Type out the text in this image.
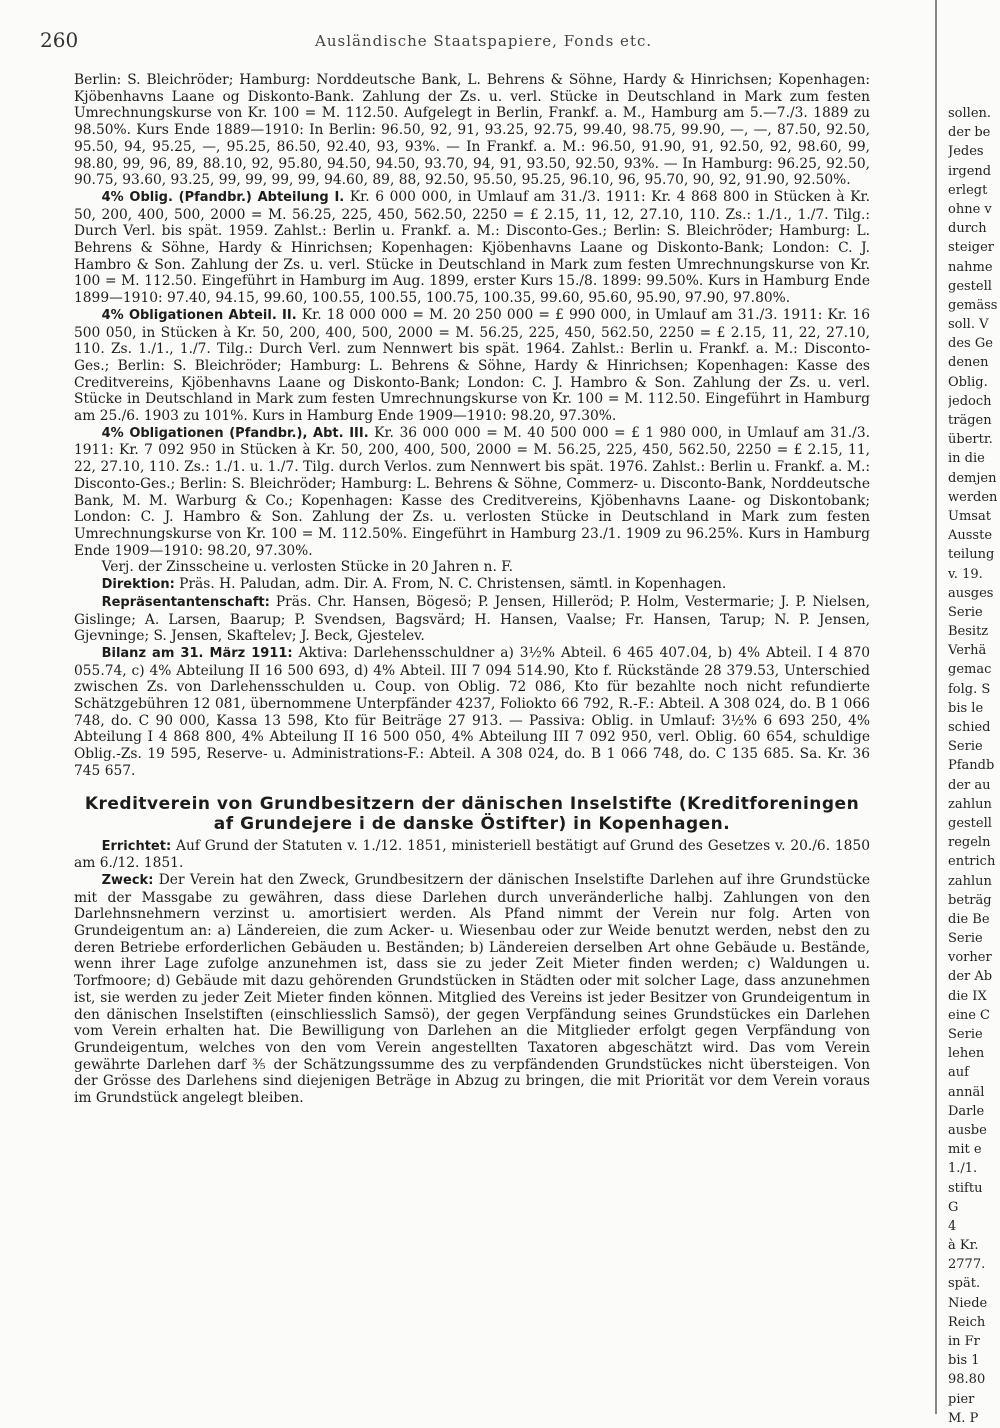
260	Ausländische Staatspapiere, Fonds etc.

Berlin: S. Bleichröder; Hamburg: Norddeutsche Bank, L. Behrens & Söhne, Hardy & Hinrichsen; Kopenhagen: Kjöbenhavns Laane og Diskonto-Bank. Zahlung der Zs. u. verl. Stücke in Deutschland in Mark zum festen Umrechnungskurse von Kr. 100 = M. 112.50. Aufgelegt in Berlin, Frankf. a. M., Hamburg am 5.—7./3. 1889 zu 98.50%. Kurs Ende 1889—1910: In Berlin: 96.50, 92, 91, 93.25, 92.75, 99.40, 98.75, 99.90, —, —, 87.50, 92.50, 95.50, 94, 95.25, —, 95.25, 86.50, 92.40, 93, 93%. — In Frankf. a. M.: 96.50, 91.90, 91, 92.50, 92, 98.60, 99, 98.80, 99, 96, 89, 88.10, 92, 95.80, 94.50, 94.50, 93.70, 94, 91, 93.50, 92.50, 93%. — In Hamburg: 96.25, 92.50, 90.75, 93.60, 93.25, 99, 99, 99, 99, 94.60, 89, 88, 92.50, 95.50, 95.25, 96.10, 96, 95.70, 90, 92, 91.90, 92.50%.

4% Oblig. (Pfandbr.) Abteilung I. Kr. 6 000 000, in Umlauf am 31./3. 1911: Kr. 4 868 800 in Stücken à Kr. 50, 200, 400, 500, 2000 = M. 56.25, 225, 450, 562.50, 2250 = £ 2.15, 11, 12, 27.10, 110. Zs.: 1./1., 1./7. Tilg.: Durch Verl. bis spät. 1959. Zahlst.: Berlin u. Frankf. a. M.: Disconto-Ges.; Berlin: S. Bleichröder; Hamburg: L. Behrens & Söhne, Hardy & Hinrichsen; Kopenhagen: Kjöbenhavns Laane og Diskonto-Bank; London: C. J. Hambro & Son. Zahlung der Zs. u. verl. Stücke in Deutschland in Mark zum festen Umrechnungskurse von Kr. 100 = M. 112.50. Eingeführt in Hamburg im Aug. 1899, erster Kurs 15./8. 1899: 99.50%. Kurs in Hamburg Ende 1899—1910: 97.40, 94.15, 99.60, 100.55, 100.55, 100.75, 100.35, 99.60, 95.60, 95.90, 97.90, 97.80%.

4% Obligationen Abteil. II. Kr. 18 000 000 = M. 20 250 000 = £ 990 000, in Umlauf am 31./3. 1911: Kr. 16 500 050, in Stücken à Kr. 50, 200, 400, 500, 2000 = M. 56.25, 225, 450, 562.50, 2250 = £ 2.15, 11, 22, 27.10, 110. Zs. 1./1., 1./7. Tilg.: Durch Verl. zum Nennwert bis spät. 1964. Zahlst.: Berlin u. Frankf. a. M.: Disconto-Ges.; Berlin: S. Bleichröder; Hamburg: L. Behrens & Söhne, Hardy & Hinrichsen; Kopenhagen: Kasse des Creditvereins, Kjöbenhavns Laane og Diskonto-Bank; London: C. J. Hambro & Son. Zahlung der Zs. u. verl. Stücke in Deutschland in Mark zum festen Umrechnungskurse von Kr. 100 = M. 112.50. Eingeführt in Hamburg am 25./6. 1903 zu 101%. Kurs in Hamburg Ende 1909—1910: 98.20, 97.30%.

4% Obligationen (Pfandbr.), Abt. III. Kr. 36 000 000 = M. 40 500 000 = £ 1 980 000, in Umlauf am 31./3. 1911: Kr. 7 092 950 in Stücken à Kr. 50, 200, 400, 500, 2000 = M. 56.25, 225, 450, 562.50, 2250 = £ 2.15, 11, 22, 27.10, 110. Zs.: 1./1. u. 1./7. Tilg. durch Verlos. zum Nennwert bis spät. 1976. Zahlst.: Berlin u. Frankf. a. M.: Disconto-Ges.; Berlin: S. Bleichröder; Hamburg: L. Behrens & Söhne, Commerz- u. Disconto-Bank, Norddeutsche Bank, M. M. Warburg & Co.; Kopenhagen: Kasse des Creditvereins, Kjöbenhavns Laane- og Diskontobank; London: C. J. Hambro & Son. Zahlung der Zs. u. verlosten Stücke in Deutschland in Mark zum festen Umrechnungskurse von Kr. 100 = M. 112.50%. Eingeführt in Hamburg 23./1. 1909 zu 96.25%. Kurs in Hamburg Ende 1909—1910: 98.20, 97.30%.

Verj. der Zinsscheine u. verlosten Stücke in 20 Jahren n. F.

Direktion: Präs. H. Paludan, adm. Dir. A. From, N. C. Christensen, sämtl. in Kopenhagen.

Repräsentantenschaft: Präs. Chr. Hansen, Bögesö; P. Jensen, Hilleröd; P. Holm, Vestermarie; J. P. Nielsen, Gislinge; A. Larsen, Baarup; P. Svendsen, Bagsvärd; H. Hansen, Vaalse; Fr. Hansen, Tarup; N. P. Jensen, Gjevninge; S. Jensen, Skaftelev; J. Beck, Gjestelev.

Bilanz am 31. März 1911: Aktiva: Darlehensschuldner a) 3½% Abteil. 6 465 407.04, b) 4% Abteil. I 4 870 055.74, c) 4% Abteilung II 16 500 693, d) 4% Abteil. III 7 094 514.90, Kto f. Rückstände 28 379.53, Unterschied zwischen Zs. von Darlehensschulden u. Coup. von Oblig. 72 086, Kto für bezahlte noch nicht refundierte Schätzgebühren 12 081, übernommene Unterpfänder 4237, Foliokto 66 792, R.-F.: Abteil. A 308 024, do. B 1 066 748, do. C 90 000, Kassa 13 598, Kto für Beiträge 27 913. — Passiva: Oblig. in Umlauf: 3½% 6 693 250, 4% Abteilung I 4 868 800, 4% Abteilung II 16 500 050, 4% Abteilung III 7 092 950, verl. Oblig. 60 654, schuldige Oblig.-Zs. 19 595, Reserve- u. Administrations-F.: Abteil. A 308 024, do. B 1 066 748, do. C 135 685. Sa. Kr. 36 745 657.

Kreditverein von Grundbesitzern der dänischen Inselstifte (Kreditforeningen af Grundejere i de danske Östifter) in Kopenhagen.

Errichtet: Auf Grund der Statuten v. 1./12. 1851, ministeriell bestätigt auf Grund des Gesetzes v. 20./6. 1850 am 6./12. 1851.

Zweck: Der Verein hat den Zweck, Grundbesitzern der dänischen Inselstifte Darlehen auf ihre Grundstücke mit der Massgabe zu gewähren, dass diese Darlehen durch unveränderliche halbj. Zahlungen von den Darlehnsnehmern verzinst u. amortisiert werden. Als Pfand nimmt der Verein nur folg. Arten von Grundeigentum an: a) Ländereien, die zum Acker- u. Wiesenbau oder zur Weide benutzt werden, nebst den zu deren Betriebe erforderlichen Gebäuden u. Beständen; b) Ländereien derselben Art ohne Gebäude u. Bestände, wenn ihrer Lage zufolge anzunehmen ist, dass sie zu jeder Zeit Mieter finden werden; c) Waldungen u. Torfmoore; d) Gebäude mit dazu gehörenden Grundstücken in Städten oder mit solcher Lage, dass anzunehmen ist, sie werden zu jeder Zeit Mieter finden können. Mitglied des Vereins ist jeder Besitzer von Grundeigentum in den dänischen Inselstiften (einschliesslich Samsö), der gegen Verpfändung seines Grundstückes ein Darlehen vom Verein erhalten hat. Die Bewilligung von Darlehen an die Mitglieder erfolgt gegen Verpfändung von Grundeigentum, welches von den vom Verein angestellten Taxatoren abgeschätzt wird. Das vom Verein gewährte Darlehen darf ⅗ der Schätzungssumme des zu verpfändenden Grundstückes nicht übersteigen. Von der Grösse des Darlehens sind diejenigen Beträge in Abzug zu bringen, die mit Priorität vor dem Verein voraus im Grundstück angelegt bleiben.

sollen.
der be
Jedes
irgend
erlegt
ohne v
durch
steiger
nahme
gestell
gemäss
soll. V
des Ge
denen
Oblig.
jedoch
trägen
übertr.
in die
demjen
werden
Umsat
Ausste
teilung
v. 19.
ausges
Serie
Besitz
Verhä
gemac
folg. S
bis le
schied
Serie
Pfandb
der au
zahlun
gestell
regeln
entrich
zahlun
beträg
die Be
Serie
vorher
der Ab
die IX
eine C
Serie
lehen
auf
annäl
Darle
ausbe
mit e
1./1.
stiftu
G
4
à Kr.
2777.
spät.
Niede
Reich
in Fr
bis 1
98.80
pier
M. P
